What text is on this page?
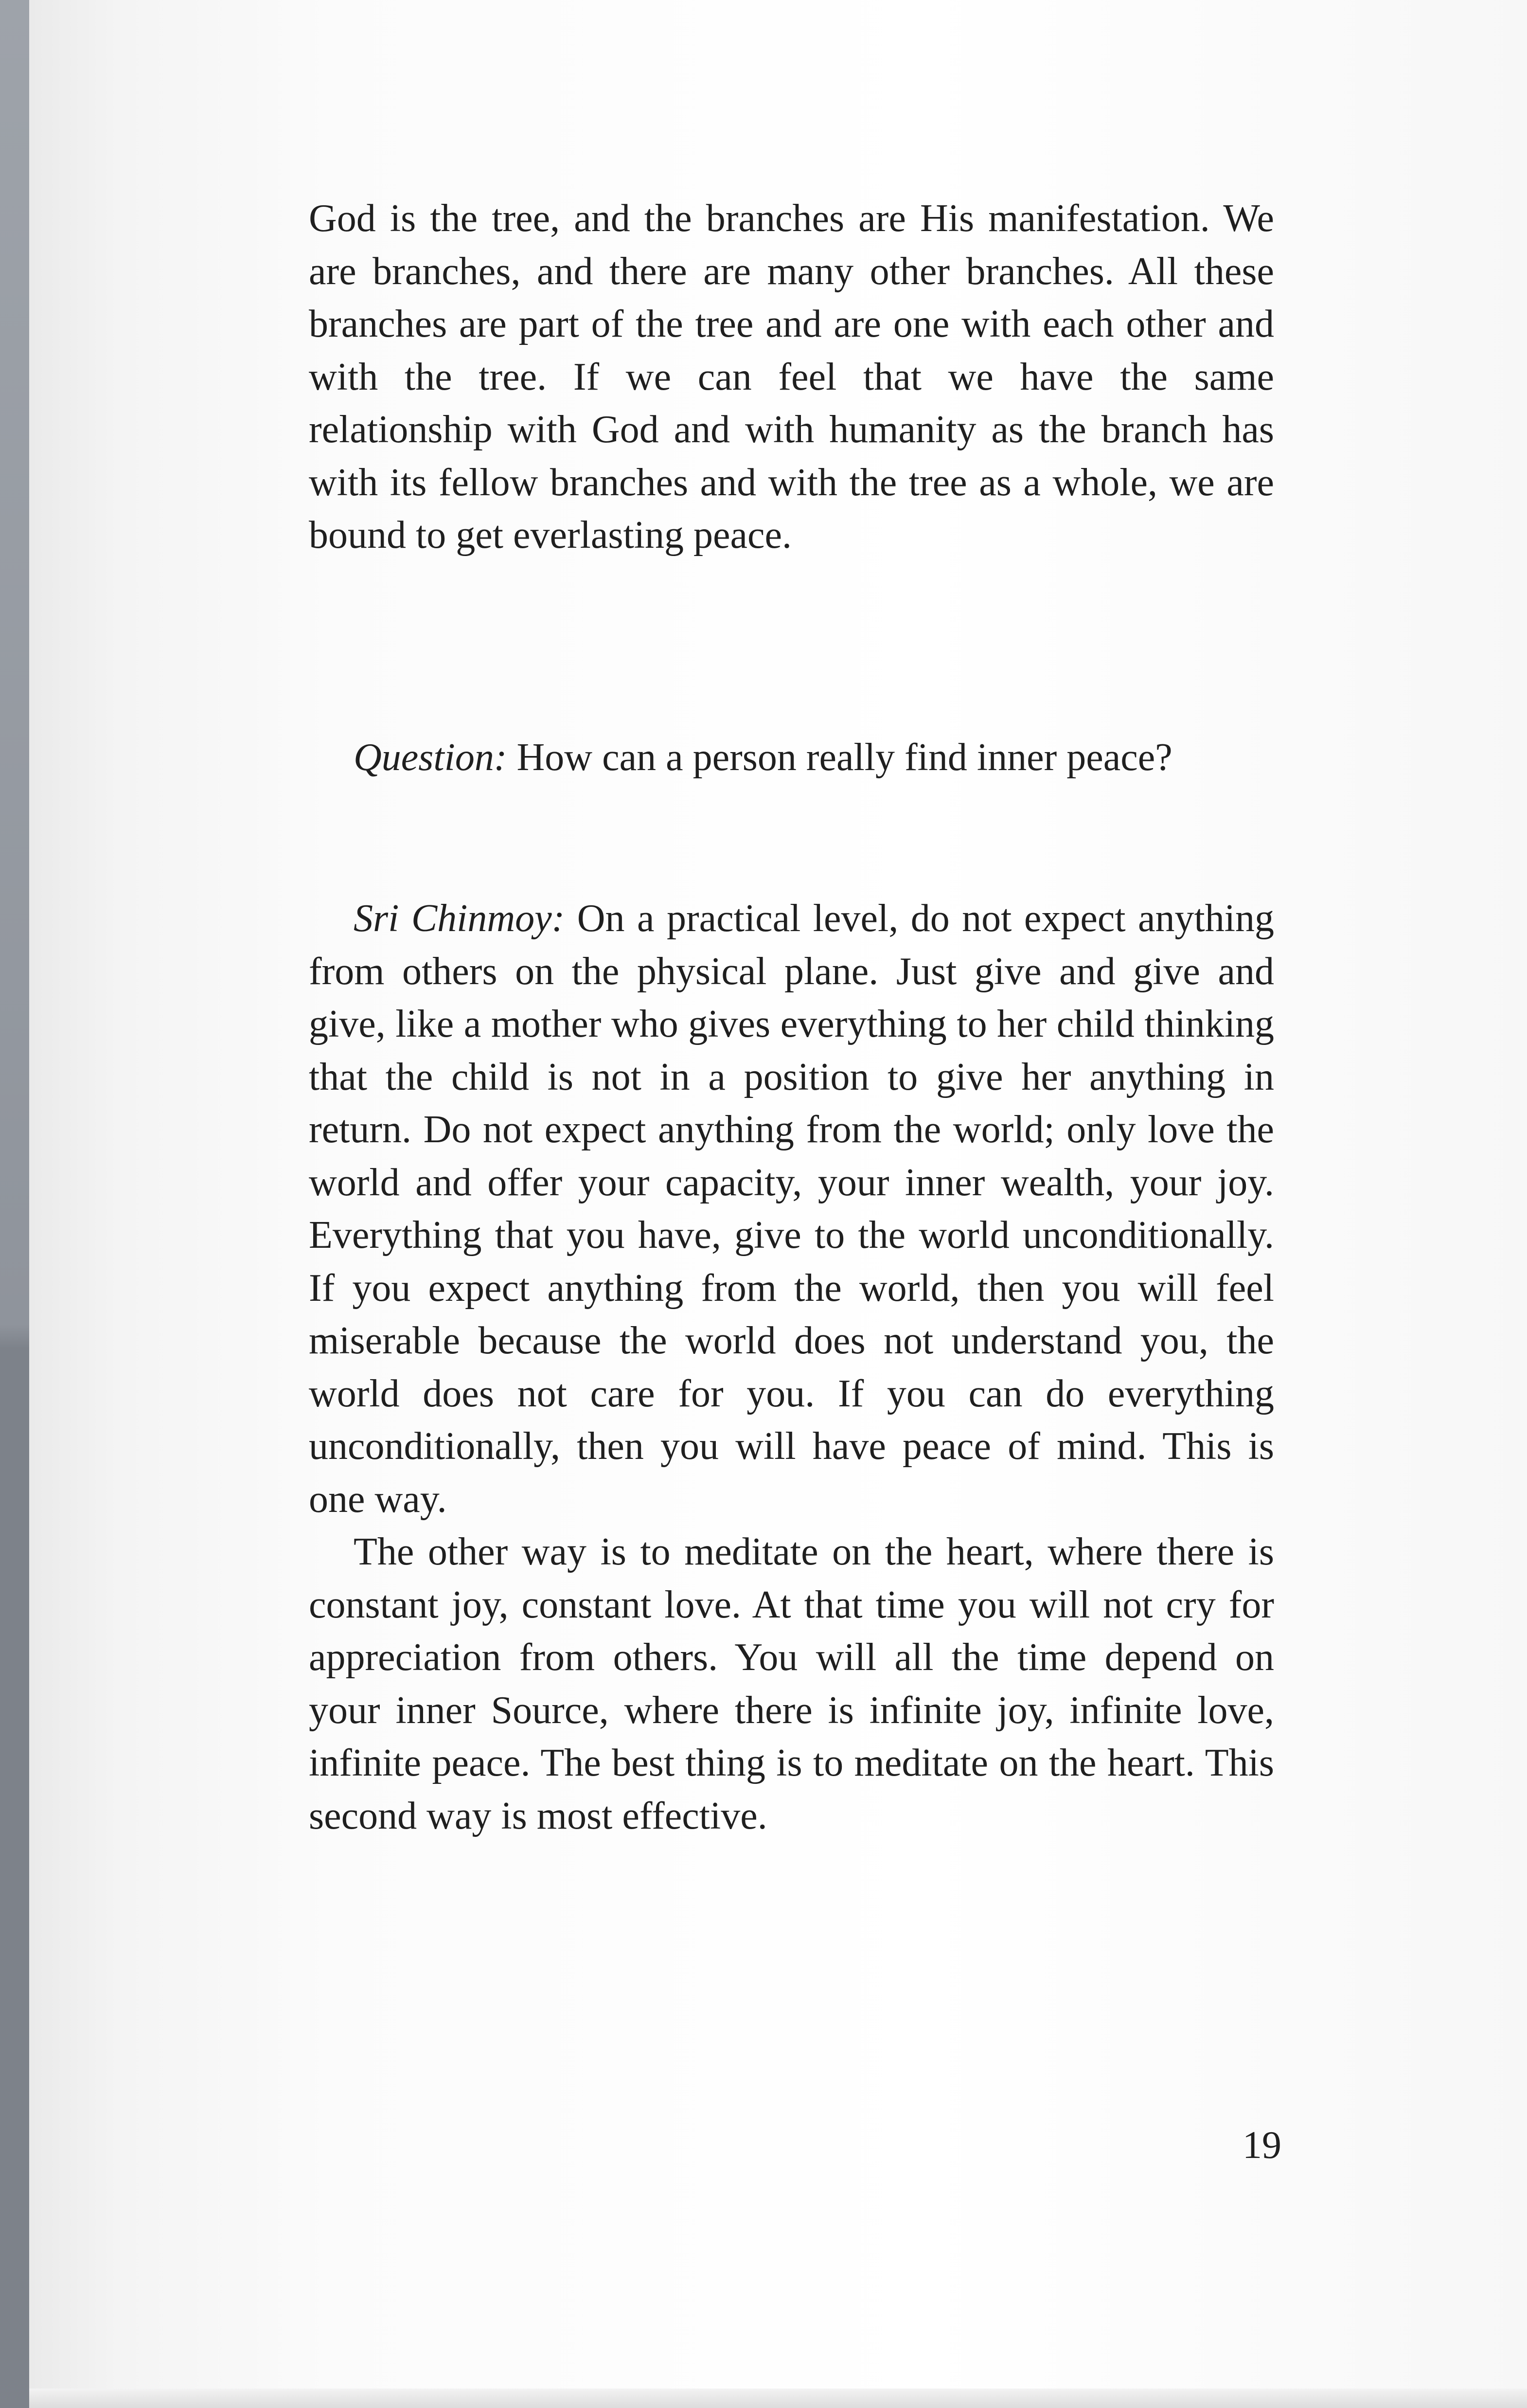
God is the tree, and the branches are His manifestation. We are branches, and there are many other branches. All these branches are part of the tree and are one with each other and with the tree. If we can feel that we have the same relationship with God and with humanity as the branch has with its fellow branches and with the tree as a whole, we are bound to get everlasting peace.

Question: How can a person really find inner peace?

Sri Chinmoy: On a practical level, do not expect anything from others on the physical plane. Just give and give and give, like a mother who gives everything to her child thinking that the child is not in a position to give her anything in return. Do not expect anything from the world; only love the world and offer your capacity, your inner wealth, your joy. Everything that you have, give to the world unconditionally. If you expect anything from the world, then you will feel miserable because the world does not understand you, the world does not care for you. If you can do everything unconditionally, then you will have peace of mind. This is one way.

The other way is to meditate on the heart, where there is constant joy, constant love. At that time you will not cry for appreciation from others. You will all the time depend on your inner Source, where there is infinite joy, infinite love, infinite peace. The best thing is to meditate on the heart. This second way is most effective.

19
